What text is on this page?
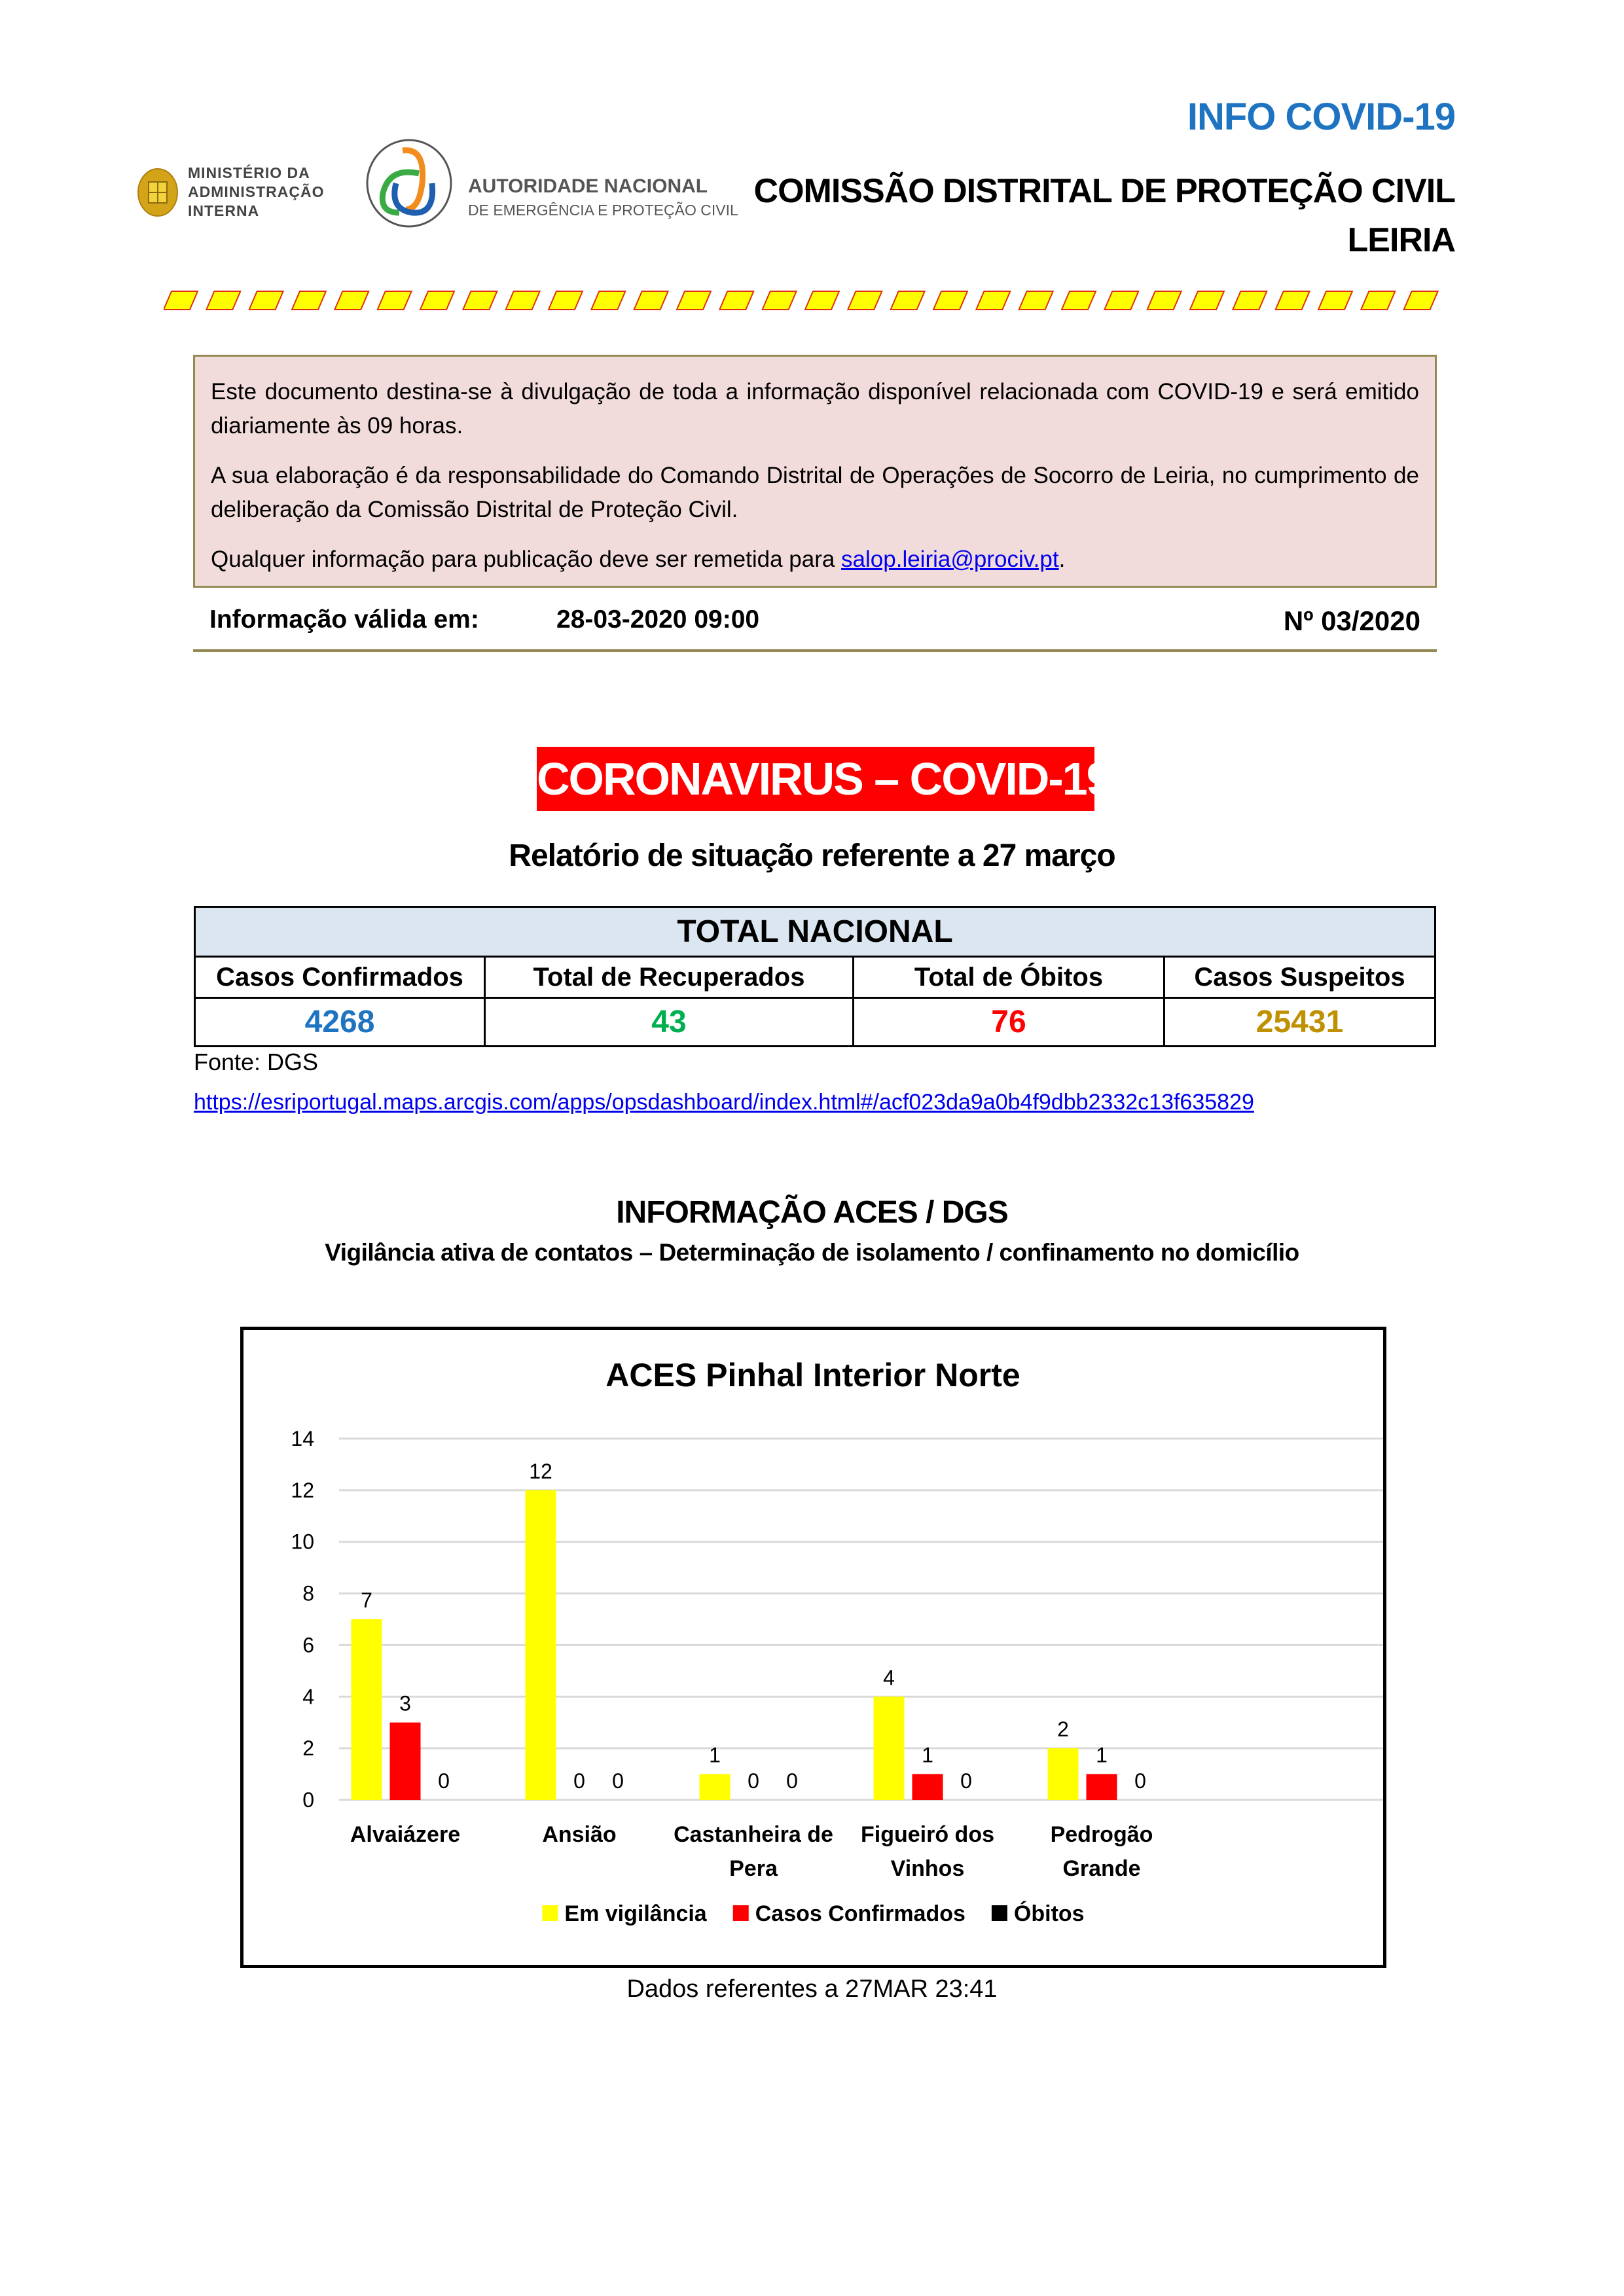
MINISTÉRIO DA
ADMINISTRAÇÃO
INTERNA
AUTORIDADE NACIONAL
DE EMERGÊNCIA E PROTEÇÃO CIVIL
INFO COVID-19
COMISSÃO DISTRITAL DE PROTEÇÃO CIVIL
LEIRIA

Este documento destina-se à divulgação de toda a informação disponível relacionada com COVID-19 e será emitido diariamente às 09 horas.

A sua elaboração é da responsabilidade do Comando Distrital de Operações de Socorro de Leiria, no cumprimento de deliberação da Comissão Distrital de Proteção Civil.

Qualquer informação para publicação deve ser remetida para salop.leiria@prociv.pt.

Informação válida em:	28-03-2020 09:00	Nº 03/2020
CORONAVIRUS – COVID-19
Relatório de situação referente a 27 março
TOTAL NACIONAL			
Casos Confirmados	Total de Recuperados	Total de Óbitos	Casos Suspeitos
4268	43	76	25431
Fonte: DGS
https://esriportugal.maps.arcgis.com/apps/opsdashboard/index.html#/acf023da9a0b4f9dbb2332c13f635829
INFORMAÇÃO ACES / DGS
Vigilância ativa de contatos – Determinação de isolamento / confinamento no domicílio
ACES Pinhal Interior Norte
0
2
4
6
8
10
12
14
7
3
0
12
0 0
1
0 0
4
1
0
2
1
0
Alvaiázere	Ansião	Castanheira de
Pera
Figueiró dos
Vinhos
Pedrogão
Grande
Em vigilância Casos Confirmados Óbitos
Dados referentes a 27MAR 23:41
